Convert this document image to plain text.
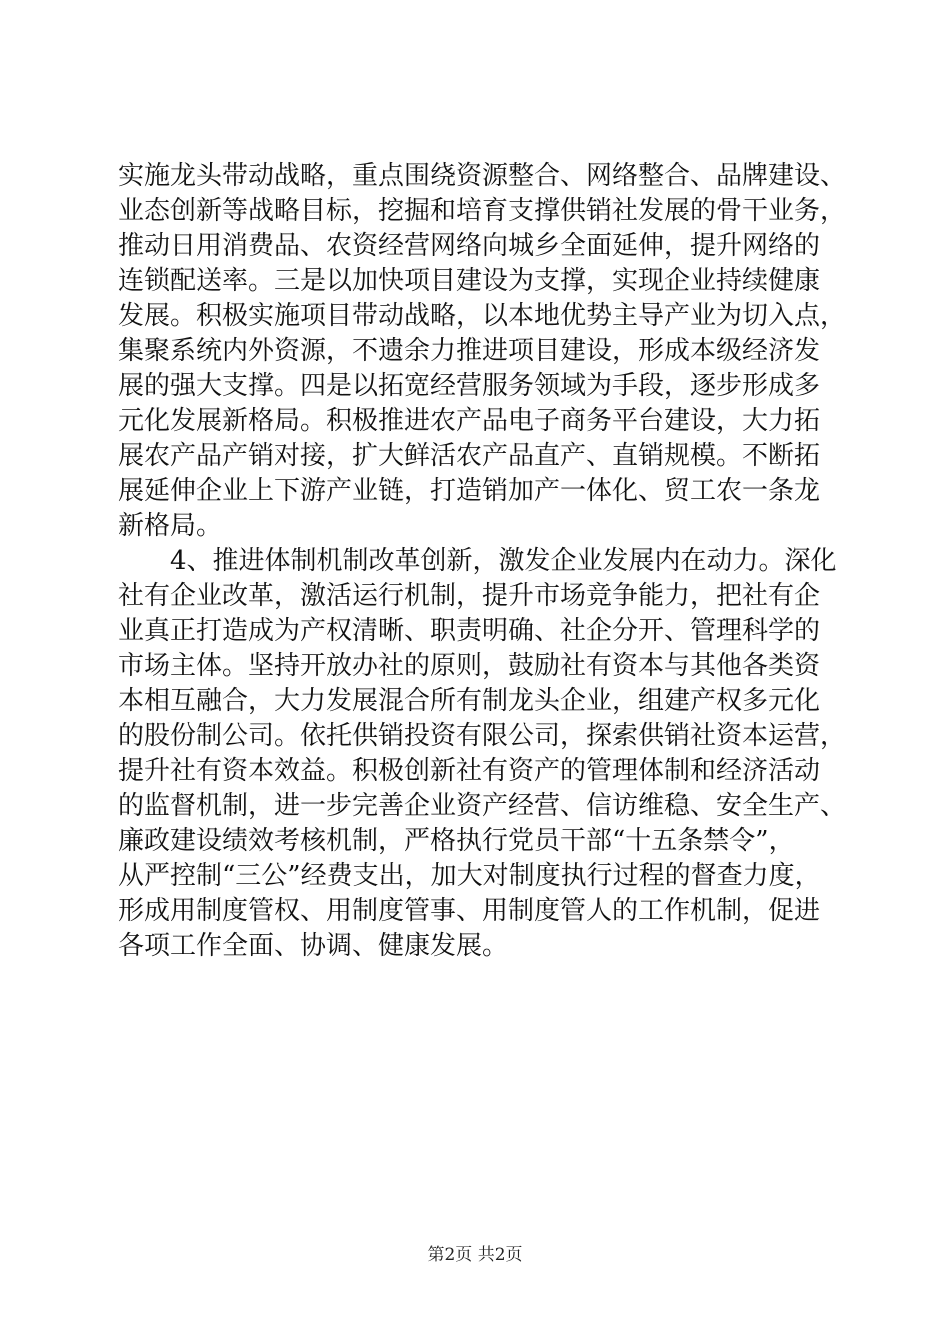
实施龙头带动战略，重点围绕资源整合、网络整合、品牌建设、
业态创新等战略目标，挖掘和培育支撑供销社发展的骨干业务，
推动日用消费品、农资经营网络向城乡全面延伸，提升网络的
连锁配送率。三是以加快项目建设为支撑，实现企业持续健康
发展。积极实施项目带动战略，以本地优势主导产业为切入点，
集聚系统内外资源，不遗余力推进项目建设，形成本级经济发
展的强大支撑。四是以拓宽经营服务领域为手段，逐步形成多
元化发展新格局。积极推进农产品电子商务平台建设，大力拓
展农产品产销对接，扩大鲜活农产品直产、直销规模。不断拓
展延伸企业上下游产业链，打造销加产一体化、贸工农一条龙
新格局。
4、推进体制机制改革创新，激发企业发展内在动力。深化
社有企业改革，激活运行机制，提升市场竞争能力，把社有企
业真正打造成为产权清晰、职责明确、社企分开、管理科学的
市场主体。坚持开放办社的原则，鼓励社有资本与其他各类资
本相互融合，大力发展混合所有制龙头企业，组建产权多元化
的股份制公司。依托供销投资有限公司，探索供销社资本运营，
提升社有资本效益。积极创新社有资产的管理体制和经济活动
的监督机制，进一步完善企业资产经营、信访维稳、安全生产、
廉政建设绩效考核机制，严格执行党员干部“十五条禁令”，
从严控制“三公”经费支出，加大对制度执行过程的督查力度，
形成用制度管权、用制度管事、用制度管人的工作机制，促进
各项工作全面、协调、健康发展。
第2页 共2页
